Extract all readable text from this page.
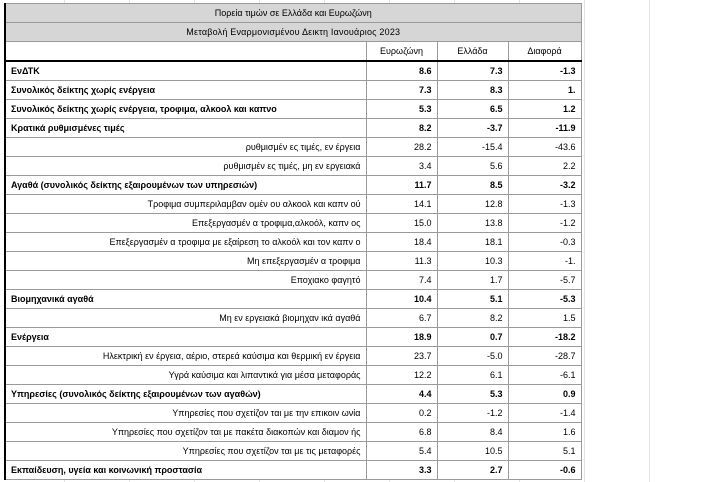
Πορεία τιμών σε Ελλάδα και Ευρωζώνη			
Μεταβολή Εναρμονισμένου Δεικτη Ιανουάριος 2023			
	Ευρωζώνη	Ελλάδα	Διαφορά
ΕνΔΤΚ	8.6	7.3	-1.3
Συνολικός δείκτης χωρίς ενέργεια	7.3	8.3	1.
Συνολικός δείκτης χωρίς ενέργεια, τροφιμα, αλκοολ και καπνο	5.3	6.5	1.2
Κρατικά ρυθμισμένες τιμές	8.2	-3.7	-11.9
ρυθμισμέν ες τιμές, εν έργεια	28.2	-15.4	-43.6
ρυθμισμέν ες τιμές, μη εν εργειακά	3.4	5.6	2.2
Αγαθά (συνολικός δείκτης εξαιρουμένων των υπηρεσιών)	11.7	8.5	-3.2
Τροφιμα συμπεριλαμβαν ομέν ου αλκοολ και καπν ού	14.1	12.8	-1.3
Επεξεργασμέν α τροφιμα,αλκοόλ, καπν ος	15.0	13.8	-1.2
Επεξεργασμέν α τροφιμα με εξαίρεση το αλκοόλ και τον καπν ο	18.4	18.1	-0.3
Μη επεξεργασμέν α τροφιμα	11.3	10.3	-1.
Εποχιακο φαγητό	7.4	1.7	-5.7
Βιομηχανικά αγαθά	10.4	5.1	-5.3
Μη εν εργειακά βιομηχαν ικά αγαθά	6.7	8.2	1.5
Ενέργεια	18.9	0.7	-18.2
Ηλεκτρική εν έργεια, αέριο, στερεά καύσιμα και θερμική εν έργεια	23.7	-5.0	-28.7
Υγρά καύσιμα και λιπαντικά για μέσα μεταφοράς	12.2	6.1	-6.1
Υπηρεσίες (συνολικός δείκτης εξαιρουμένων των αγαθών)	4.4	5.3	0.9
Υπηρεσίες που σχετίζον ται με την επικοιν ωνία	0.2	-1.2	-1.4
Υπηρεσίες που σχετίζον ται με πακέτα διακοπών και διαμον ής	6.8	8.4	1.6
Υπηρεσίες που σχετίζον ται με τις μεταφορές	5.4	10.5	5.1
Εκπαίδευση, υγεία και κοινωνική προστασία	3.3	2.7	-0.6
